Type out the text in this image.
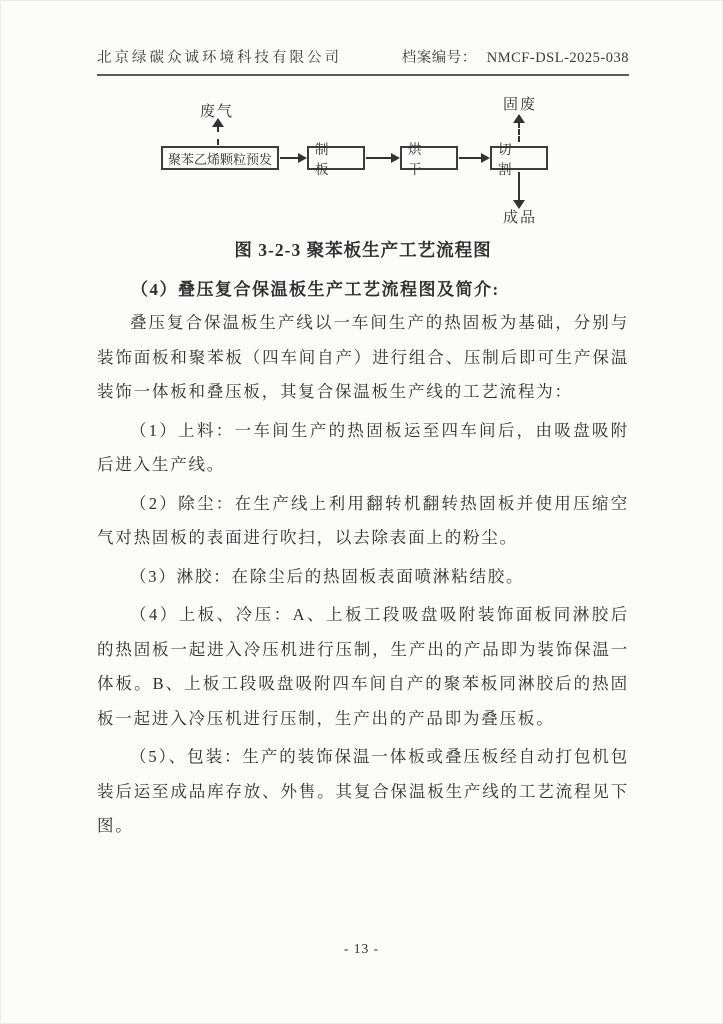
北京绿碳众诚环境科技有限公司	档案编号： NMCF-DSL-2025-038
废气
聚苯乙烯颗粒预发
制 板
烘 干
切 割
固废
成品

图 3-2-3 聚苯板生产工艺流程图

（4）叠压复合保温板生产工艺流程图及简介:

叠压复合保温板生产线以一车间生产的热固板为基础，分别与装饰面板和聚苯板（四车间自产）进行组合、压制后即可生产保温装饰一体板和叠压板，其复合保温板生产线的工艺流程为：

（1）上料：一车间生产的热固板运至四车间后，由吸盘吸附后进入生产线。

（2）除尘：在生产线上利用翻转机翻转热固板并使用压缩空气对热固板的表面进行吹扫，以去除表面上的粉尘。

（3）淋胶：在除尘后的热固板表面喷淋粘结胶。

（4）上板、冷压：A、上板工段吸盘吸附装饰面板同淋胶后的热固板一起进入冷压机进行压制，生产出的产品即为装饰保温一体板。B、上板工段吸盘吸附四车间自产的聚苯板同淋胶后的热固板一起进入冷压机进行压制，生产出的产品即为叠压板。

（5）、包装：生产的装饰保温一体板或叠压板经自动打包机包装后运至成品库存放、外售。其复合保温板生产线的工艺流程见下图。

- 13 -
